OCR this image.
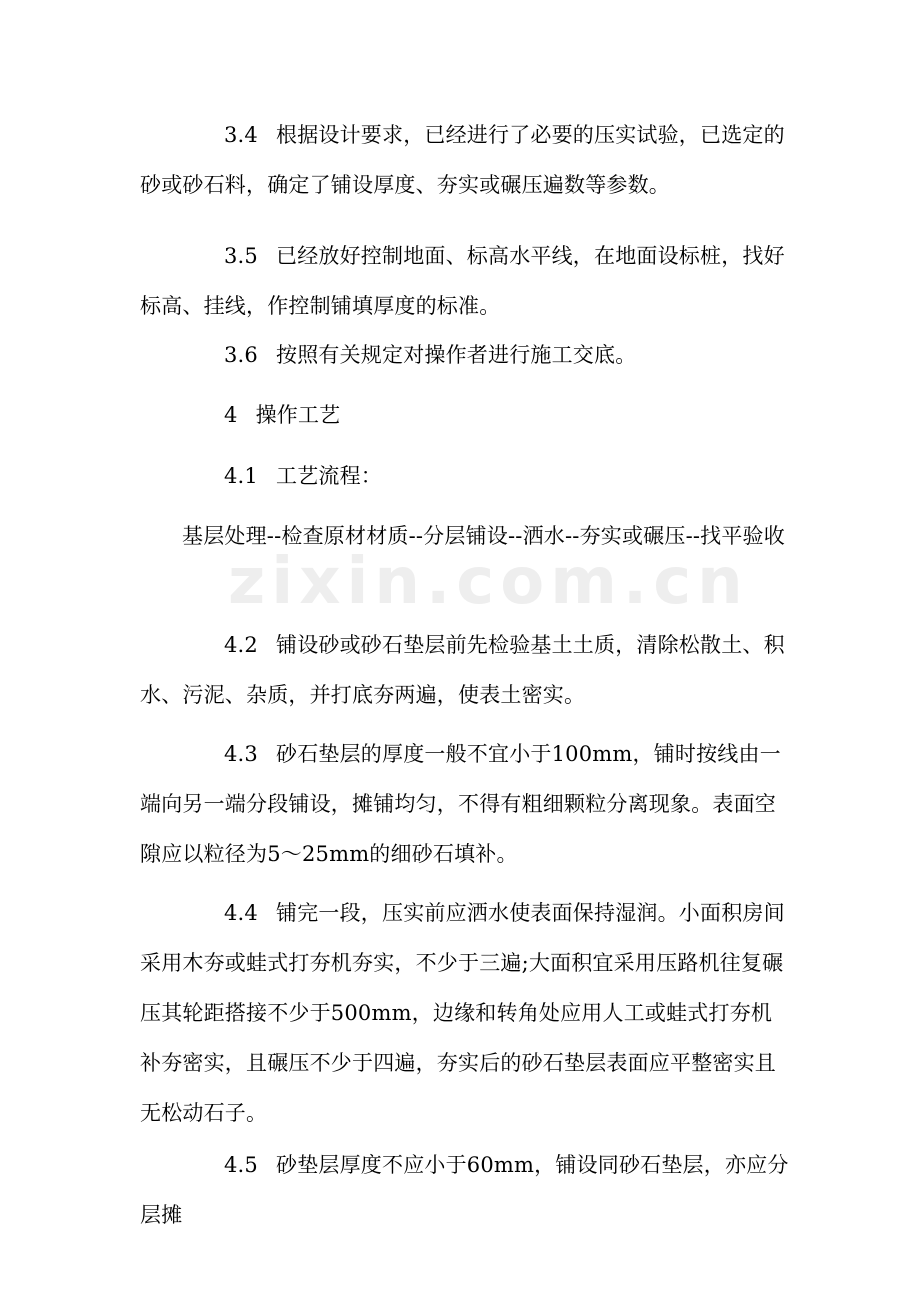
zixin.com.cn

3.4 根据设计要求，已经进行了必要的压实试验，已选定的砂或砂石料，确定了铺设厚度、夯实或碾压遍数等参数。

3.5 已经放好控制地面、标高水平线，在地面设标桩，找好标高、挂线，作控制铺填厚度的标准。

3.6 按照有关规定对操作者进行施工交底。

4 操作工艺

4.1 工艺流程：

基层处理--检查原材材质--分层铺设--洒水--夯实或碾压--找平验收

4.2 铺设砂或砂石垫层前先检验基土土质，清除松散土、积水、污泥、杂质，并打底夯两遍，使表土密实。

4.3 砂石垫层的厚度一般不宜小于100mm，铺时按线由一端向另一端分段铺设，摊铺均匀，不得有粗细颗粒分离现象。表面空隙应以粒径为5～25mm的细砂石填补。

4.4 铺完一段，压实前应洒水使表面保持湿润。小面积房间采用木夯或蛙式打夯机夯实，不少于三遍;大面积宜采用压路机往复碾压其轮距搭接不少于500mm，边缘和转角处应用人工或蛙式打夯机补夯密实，且碾压不少于四遍，夯实后的砂石垫层表面应平整密实且无松动石子。

4.5 砂垫层厚度不应小于60mm，铺设同砂石垫层，亦应分层摊
